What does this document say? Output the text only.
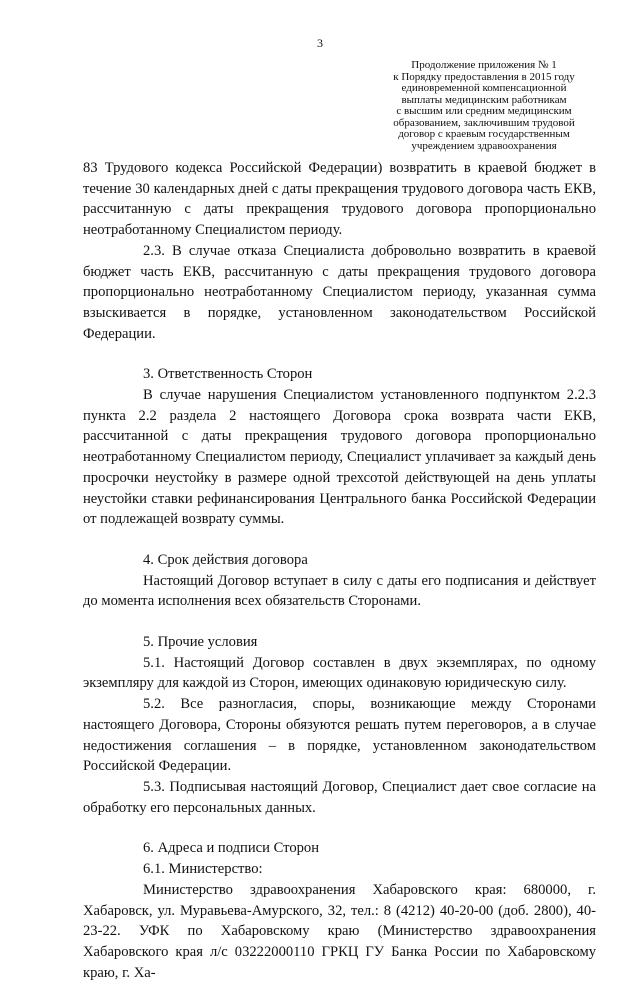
3
Продолжение приложения № 1
к Порядку предоставления в 2015 году
единовременной компенсационной
выплаты медицинским работникам
с высшим или средним медицинским
образованием, заключившим трудовой
договор с краевым государственным
учреждением здравоохранения

83 Трудового кодекса Российской Федерации) возвратить в краевой бюджет в течение 30 календарных дней с даты прекращения трудового договора часть ЕКВ, рассчитанную с даты прекращения трудового договора пропорционально неотработанному Специалистом периоду.

2.3. В случае отказа Специалиста добровольно возвратить в краевой бюджет часть ЕКВ, рассчитанную с даты прекращения трудового договора пропорционально неотработанному Специалистом периоду, указанная сумма взыскивается в порядке, установленном законодательством Российской Федерации.

3. Ответственность Сторон

В случае нарушения Специалистом установленного подпунктом 2.2.3 пункта 2.2 раздела 2 настоящего Договора срока возврата части ЕКВ, рассчитанной с даты прекращения трудового договора пропорционально неотработанному Специалистом периоду, Специалист уплачивает за каждый день просрочки неустойку в размере одной трехсотой действующей на день уплаты неустойки ставки рефинансирования Центрального банка Российской Федерации от подлежащей возврату суммы.

4. Срок действия договора

Настоящий Договор вступает в силу с даты его подписания и действует до момента исполнения всех обязательств Сторонами.

5. Прочие условия

5.1. Настоящий Договор составлен в двух экземплярах, по одному экземпляру для каждой из Сторон, имеющих одинаковую юридическую силу.

5.2. Все разногласия, споры, возникающие между Сторонами настоящего Договора, Стороны обязуются решать путем переговоров, а в случае недостижения соглашения – в порядке, установленном законодательством Российской Федерации.

5.3. Подписывая настоящий Договор, Специалист дает свое согласие на обработку его персональных данных.

6. Адреса и подписи Сторон

6.1. Министерство:

Министерство здравоохранения Хабаровского края: 680000, г. Хабаровск, ул. Муравьева-Амурского, 32, тел.: 8 (4212) 40-20-00 (доб. 2800), 40-23-22. УФК по Хабаровскому краю (Министерство здравоохранения Хабаровского края л/с 03222000110 ГРКЦ ГУ Банка России по Хабаровскому краю, г. Ха-
